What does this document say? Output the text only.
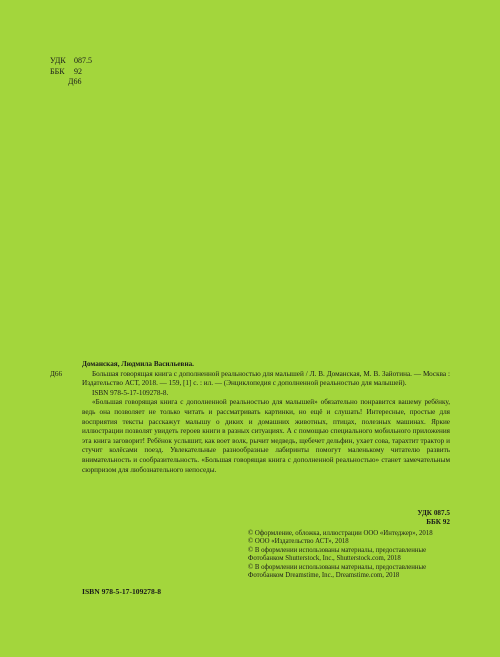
УДК 087.5
ББК 92
Д66
Д66

Доманская, Людмила Васильевна.

Большая говорящая книга с дополненной реальностью для малышей / Л. В. Доманская, М. В. Зайотина. — Москва : Издательство АСТ, 2018. — 159, [1] с. : ил. — (Энциклопедия с дополненной реальностью для малышей).

ISBN 978-5-17-109278-8.

«Большая говорящая книга с дополненной реальностью для малышей» обязательно понравится вашему ребёнку, ведь она позволяет не только читать и рассматривать картинки, но ещё и слушать! Интересные, простые для восприятия тексты расскажут малышу о диких и домашних животных, птицах, полезных машинах. Яркие иллюстрации позволят увидеть героев книги в разных ситуациях. А с помощью специального мобильного приложения эта книга заговорит! Ребёнок услышит, как воет волк, рычит медведь, щебечет дельфин, ухает сова, тарахтит трактор и стучит колёсами поезд. Увлекательные разнообразные лабиринты помогут маленькому читателю развить внимательность и сообразительность. «Большая говорящая книга с дополненной реальностью» станет замечательным сюрпризом для любознательного непоседы.

УДК 087.5
ББК 92
ISBN 978-5-17-109278-8

© Оформление, обложка, иллюстрации ООО «Интеджер», 2018

© ООО «Издательство АСТ», 2018

© В оформлении использованы материалы, предоставленные Фотобанком Shutterstock, Inc., Shutterstock.com, 2018

© В оформлении использованы материалы, предоставленные Фотобанком Dreamstime, Inc., Dreamstime.com, 2018
